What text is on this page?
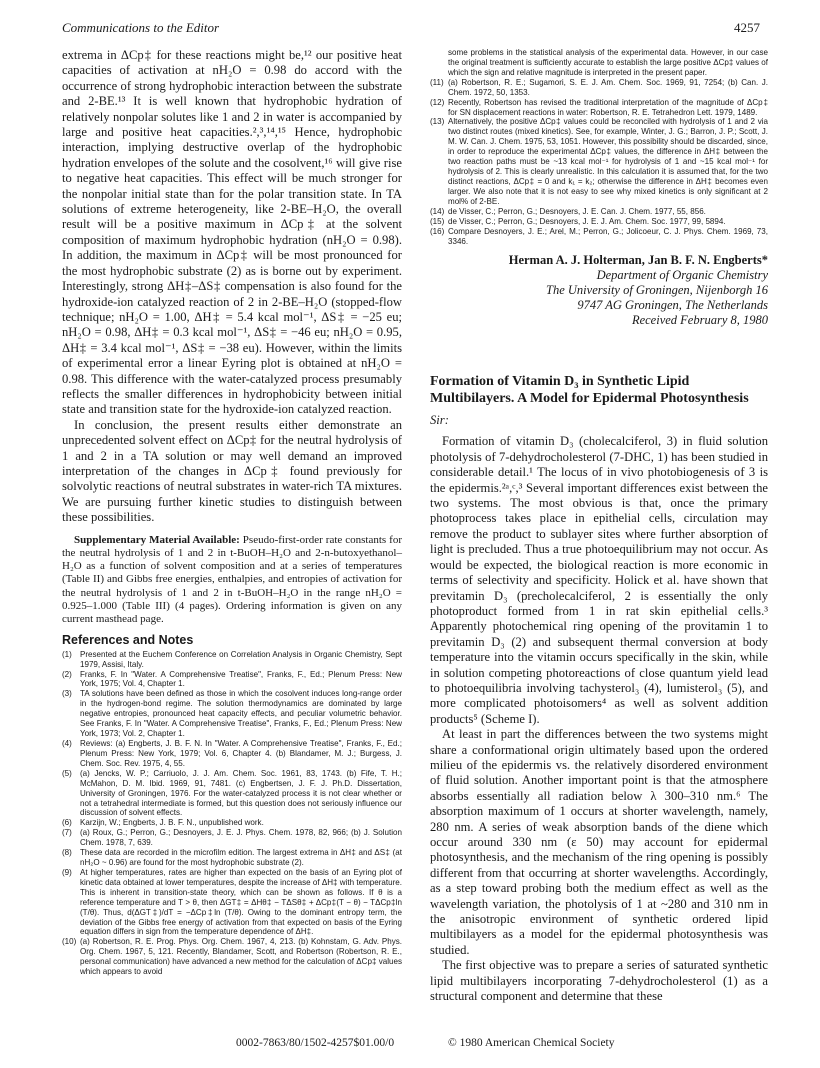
Communications to the Editor	4257

extrema in ΔCp‡ for these reactions might be,¹² our positive heat capacities of activation at nH₂O = 0.98 do accord with the occurrence of strong hydrophobic interaction between the substrate and 2-BE.¹³ It is well known that hydrophobic hydration of relatively nonpolar solutes like 1 and 2 in water is accompanied by large and positive heat capacities.²,³,¹⁴,¹⁵ Hence, hydrophobic interaction, implying destructive overlap of the hydrophobic hydration envelopes of the solute and the cosolvent,¹⁶ will give rise to negative heat capacities. This effect will be much stronger for the nonpolar initial state than for the polar transition state. In TA solutions of extreme heterogeneity, like 2-BE–H₂O, the overall result will be a positive maximum in ΔCp‡ at the solvent composition of maximum hydrophobic hydration (nH₂O = 0.98). In addition, the maximum in ΔCp‡ will be most pronounced for the most hydrophobic substrate (2) as is borne out by experiment. Interestingly, strong ΔH‡–ΔS‡ compensation is also found for the hydroxide-ion catalyzed reaction of 2 in 2-BE–H₂O (stopped-flow technique; nH₂O = 1.00, ΔH‡ = 5.4 kcal mol⁻¹, ΔS‡ = −25 eu; nH₂O = 0.98, ΔH‡ = 0.3 kcal mol⁻¹, ΔS‡ = −46 eu; nH₂O = 0.95, ΔH‡ = 3.4 kcal mol⁻¹, ΔS‡ = −38 eu). However, within the limits of experimental error a linear Eyring plot is obtained at nH₂O = 0.98. This difference with the water-catalyzed process presumably reflects the smaller differences in hydrophobicity between initial state and transition state for the hydroxide-ion catalyzed reaction.

In conclusion, the present results either demonstrate an unprecedented solvent effect on ΔCp‡ for the neutral hydrolysis of 1 and 2 in a TA solution or may well demand an improved interpretation of the changes in ΔCp‡ found previously for solvolytic reactions of neutral substrates in water-rich TA mixtures. We are pursuing further kinetic studies to distinguish between these possibilities.

Supplementary Material Available: Pseudo-first-order rate constants for the neutral hydrolysis of 1 and 2 in t-BuOH–H₂O and 2-n-butoxyethanol–H₂O as a function of solvent composition and at a series of temperatures (Table II) and Gibbs free energies, enthalpies, and entropies of activation for the neutral hydrolysis of 1 and 2 in t-BuOH–H₂O in the range nH₂O = 0.925–1.000 (Table III) (4 pages). Ordering information is given on any current masthead page.

References and Notes
(1) Presented at the Euchem Conference on Correlation Analysis in Organic Chemistry, Sept 1979, Assisi, Italy.
(2) Franks, F. In "Water. A Comprehensive Treatise", Franks, F., Ed.; Plenum Press: New York, 1975; Vol. 4, Chapter 1.
(3) TA solutions have been defined as those in which the cosolvent induces long-range order in the hydrogen-bond regime. The solution thermodynamics are dominated by large negative entropies, pronounced heat capacity effects, and peculiar volumetric behavior. See Franks, F. In "Water. A Comprehensive Treatise", Franks, F., Ed.; Plenum Press: New York, 1973; Vol. 2, Chapter 1.
(4) Reviews: (a) Engberts, J. B. F. N. In "Water. A Comprehensive Treatise", Franks, F., Ed.; Plenum Press: New York, 1979; Vol. 6, Chapter 4. (b) Blandamer, M. J.; Burgess, J. Chem. Soc. Rev. 1975, 4, 55.
(5) (a) Jencks, W. P.; Carriuolo, J. J. Am. Chem. Soc. 1961, 83, 1743. (b) Fife, T. H.; McMahon, D. M. Ibid. 1969, 91, 7481. (c) Engbertsen, J. F. J. Ph.D. Dissertation, University of Groningen, 1976. For the water-catalyzed process it is not clear whether or not a tetrahedral intermediate is formed, but this question does not seriously influence our discussion of solvent effects.
(6) Karzijn, W.; Engberts, J. B. F. N., unpublished work.
(7) (a) Roux, G.; Perron, G.; Desnoyers, J. E. J. Phys. Chem. 1978, 82, 966; (b) J. Solution Chem. 1978, 7, 639.
(8) These data are recorded in the microfilm edition. The largest extrema in ΔH‡ and ΔS‡ (at nH₂O ~ 0.96) are found for the most hydrophobic substrate (2).
(9) At higher temperatures, rates are higher than expected on the basis of an Eyring plot of kinetic data obtained at lower temperatures, despite the increase of ΔH‡ with temperature. This is inherent in transition-state theory, which can be shown as follows. If θ is a reference temperature and T > θ, then ΔGT‡ = ΔHθ‡ − TΔSθ‡ + ΔCp‡(T − θ) − TΔCp‡ln (T/θ). Thus, d(ΔGT‡)/dT = −ΔCp‡ln (T/θ). Owing to the dominant entropy term, the deviation of the Gibbs free energy of activation from that expected on basis of the Eyring equation differs in sign from the temperature dependence of ΔH‡.
(10) (a) Robertson, R. E. Prog. Phys. Org. Chem. 1967, 4, 213. (b) Kohnstam, G. Adv. Phys. Org. Chem. 1967, 5, 121. Recently, Blandamer, Scott, and Robertson (Robertson, R. E., personal communication) have advanced a new method for the calculation of ΔCp‡ values which appears to avoid
some problems in the statistical analysis of the experimental data. However, in our case the original treatment is sufficiently accurate to establish the large positive ΔCp‡ values of which the sign and relative magnitude is interpreted in the present paper.
(11) (a) Robertson, R. E.; Sugamori, S. E. J. Am. Chem. Soc. 1969, 91, 7254; (b) Can. J. Chem. 1972, 50, 1353.
(12) Recently, Robertson has revised the traditional interpretation of the magnitude of ΔCp‡ for SN displacement reactions in water: Robertson, R. E. Tetrahedron Lett. 1979, 1489.
(13) Alternatively, the positive ΔCp‡ values could be reconciled with hydrolysis of 1 and 2 via two distinct routes (mixed kinetics). See, for example, Winter, J. G.; Barron, J. P.; Scott, J. M. W. Can. J. Chem. 1975, 53, 1051. However, this possibility should be discarded, since, in order to reproduce the experimental ΔCp‡ values, the difference in ΔH‡ between the two reaction paths must be ~13 kcal mol⁻¹ for hydrolysis of 1 and ~15 kcal mol⁻¹ for hydrolysis of 2. This is clearly unrealistic. In this calculation it is assumed that, for the two distinct reactions, ΔCp‡ = 0 and k₁ = k₂; otherwise the difference in ΔH‡ becomes even larger. We also note that it is not easy to see why mixed kinetics is only significant at 2 mol% of 2-BE.
(14) de Visser, C.; Perron, G.; Desnoyers, J. E. Can. J. Chem. 1977, 55, 856.
(15) de Visser, C.; Perron, G.; Desnoyers, J. E. J. Am. Chem. Soc. 1977, 99, 5894.
(16) Compare Desnoyers, J. E.; Arel, M.; Perron, G.; Jolicoeur, C. J. Phys. Chem. 1969, 73, 3346.
Herman A. J. Holterman, Jan B. F. N. Engberts*
Department of Organic Chemistry
The University of Groningen, Nijenborgh 16
9747 AG Groningen, The Netherlands
Received February 8, 1980
Formation of Vitamin D₃ in Synthetic Lipid Multibilayers. A Model for Epidermal Photosynthesis
Sir:

Formation of vitamin D₃ (cholecalciferol, 3) in fluid solution photolysis of 7-dehydrocholesterol (7-DHC, 1) has been studied in considerable detail.¹ The locus of in vivo photobiogenesis of 3 is the epidermis.²ᵃ,ᶜ,³ Several important differences exist between the two systems. The most obvious is that, once the primary photoprocess takes place in epithelial cells, circulation may remove the product to sublayer sites where further absorption of light is precluded. Thus a true photoequilibrium may not occur. As would be expected, the biological reaction is more economic in terms of selectivity and specificity. Holick et al. have shown that previtamin D₃ (precholecalciferol, 2 is essentially the only photoproduct formed from 1 in rat skin epithelial cells.³ Apparently photochemical ring opening of the provitamin 1 to previtamin D₃ (2) and subsequent thermal conversion at body temperature into the vitamin occurs specifically in the skin, while in solution competing photoreactions of close quantum yield lead to photoequilibria involving tachysterol₃ (4), lumisterol₃ (5), and more complicated photoisomers⁴ as well as solvent addition products⁵ (Scheme I).

At least in part the differences between the two systems might share a conformational origin ultimately based upon the ordered milieu of the epidermis vs. the relatively disordered environment of fluid solution. Another important point is that the atmosphere absorbs essentially all radiation below λ 300–310 nm.⁶ The absorption maximum of 1 occurs at shorter wavelength, namely, 280 nm. A series of weak absorption bands of the diene which occur around 330 nm (ε 50) may account for epidermal photosynthesis, and the mechanism of the ring opening is possibly different from that occurring at shorter wavelengths. Accordingly, as a step toward probing both the medium effect as well as the wavelength variation, the photolysis of 1 at ~280 and 310 nm in the anisotropic environment of synthetic ordered lipid multibilayers as a model for the epidermal photosynthesis was studied.

The first objective was to prepare a series of saturated synthetic lipid multibilayers incorporating 7-dehydrocholesterol (1) as a structural component and determine that these

0002-7863/80/1502-4257$01.00/0	© 1980 American Chemical Society
